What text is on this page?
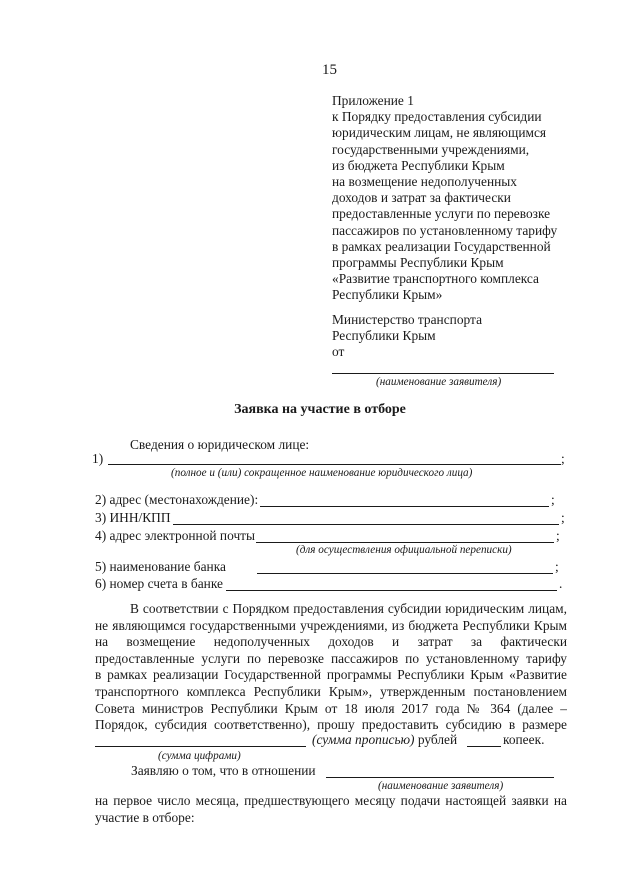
15
Приложение 1
к Порядку предоставления субсидии
юридическим лицам, не являющимся
государственными учреждениями,
из бюджета Республики Крым
на возмещение недополученных
доходов и затрат за фактически
предоставленные услуги по перевозке
пассажиров по установленному тарифу
в рамках реализации Государственной
программы Республики Крым
«Развитие транспортного комплекса
Республики Крым»
Министерство транспорта
Республики Крым
от
(наименование заявителя)
Заявка на участие в отборе
Сведения о юридическом лице:
1)	;
(полное и (или) сокращенное наименование юридического лица)
2) адрес (местонахождение):	;
3) ИНН/КПП	;
4) адрес электронной почты	;
(для осуществления официальной переписки)
5) наименование банка	;
6) номер счета в банке	.
В соответствии с Порядком предоставления субсидии юридическим лицам,
не являющимся государственными учреждениями, из бюджета Республики Крым
на возмещение недополученных доходов и затрат за фактически
предоставленные услуги по перевозке пассажиров по установленному тарифу
в рамках реализации Государственной программы Республики Крым «Развитие
транспортного комплекса Республики Крым», утвержденным постановлением
Совета министров Республики Крым от 18 июля 2017 года № 364 (далее –
Порядок, субсидия соответственно), прошу предоставить субсидию в размере
(сумма прописью) рублей	копеек.
(сумма цифрами)
Заявляю о том, что в отношении
(наименование заявителя)
на первое число месяца, предшествующего месяцу подачи настоящей заявки на
участие в отборе:
